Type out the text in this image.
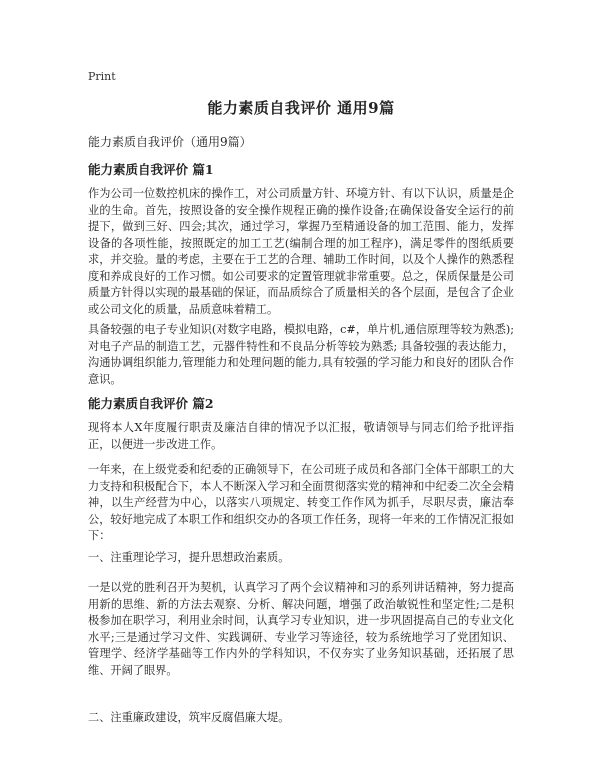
Print
能力素质自我评价 通用9篇

能力素质自我评价（通用9篇）

能力素质自我评价 篇1

作为公司一位数控机床的操作工，对公司质量方针、环境方针、有以下认识，质量是企业的生命。首先，按照设备的安全操作规程正确的操作设备;在确保设备安全运行的前提下，做到三好、四会;其次，通过学习，掌握乃至精通设备的加工范围、能力，发挥设备的各项性能，按照既定的加工工艺(编制合理的加工程序)，满足零件的图纸质要求，并交验。量的考虑，主要在于工艺的合理、辅助工作时间，以及个人操作的熟悉程度和养成良好的工作习惯。如公司要求的定置管理就非常重要。总之，保质保量是公司质量方针得以实现的最基础的保证，而品质综合了质量相关的各个层面，是包含了企业或公司文化的质量，品质意味着精工。

具备较强的电子专业知识(对数字电路，模拟电路，c#，单片机,通信原理等较为熟悉); 对电子产品的制造工艺，元器件特性和不良品分析等较为熟悉; 具备较强的表达能力，沟通协调组织能力,管理能力和处理问题的能力,具有较强的学习能力和良好的团队合作意识。

能力素质自我评价 篇2

现将本人X年度履行职责及廉洁自律的情况予以汇报，敬请领导与同志们给予批评指正，以便进一步改进工作。

一年来，在上级党委和纪委的正确领导下，在公司班子成员和各部门全体干部职工的大力支持和积极配合下，本人不断深入学习和全面贯彻落实党的精神和中纪委二次全会精神，以生产经营为中心，以落实八项规定、转变工作作风为抓手，尽职尽责，廉洁奉公，较好地完成了本职工作和组织交办的各项工作任务，现将一年来的工作情况汇报如下：

一、注重理论学习，提升思想政治素质。

一是以党的胜利召开为契机，认真学习了两个会议精神和习的系列讲话精神，努力提高用新的思维、新的方法去观察、分析、解决问题，增强了政治敏锐性和坚定性;二是积极参加在职学习，利用业余时间，认真学习专业知识，进一步巩固提高自己的专业文化水平;三是通过学习文件、实践调研、专业学习等途径，较为系统地学习了党团知识、管理学、经济学基础等工作内外的学科知识，不仅夯实了业务知识基础，还拓展了思维、开阔了眼界。

二、注重廉政建设，筑牢反腐倡廉大堤。
